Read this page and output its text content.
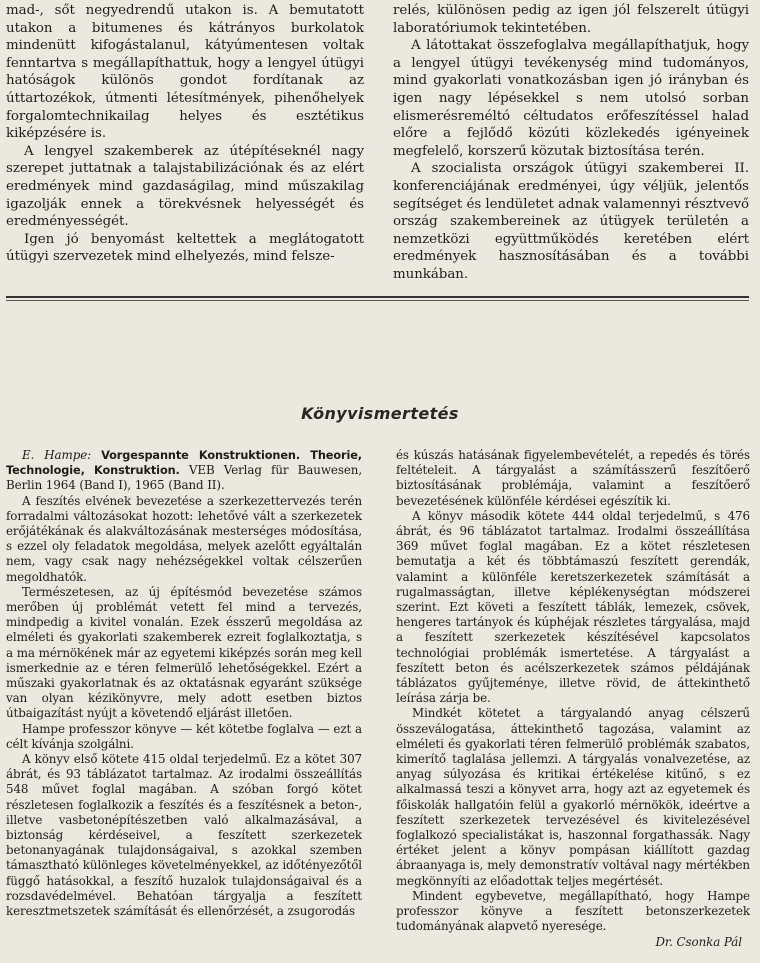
mad-, sőt negyedrendű utakon is. A bemutatott utakon a bitumenes és kátrányos burkolatok mindenütt kifogástalanul, kátyúmentesen voltak fenntartva s megállapíthattuk, hogy a lengyel útügyi hatóságok különös gondot fordítanak az úttartozékok, útmenti létesítmények, pihenőhelyek forgalomtechnikailag helyes és esztétikus kiképzésére is.

A lengyel szakemberek az útépítéseknél nagy szerepet juttatnak a talajstabilizációnak és az elért eredmények mind gazdaságilag, mind műszakilag igazolják ennek a törekvésnek helyességét és eredményességét.

Igen jó benyomást keltettek a meglátogatott útügyi szervezetek mind elhelyezés, mind felsze-

relés, különösen pedig az igen jól felszerelt útügyi laboratóriumok tekintetében.

A látottakat összefoglalva megállapíthatjuk, hogy a lengyel útügyi tevékenység mind tudományos, mind gyakorlati vonatkozásban igen jó irányban és igen nagy lépésekkel s nem utolsó sorban elismerésreméltó céltudatos erőfeszítéssel halad előre a fejlődő közúti közlekedés igényeinek megfelelő, korszerű közutak biztosítása terén.

A szocialista országok útügyi szakemberei II. konferenciájának eredményei, úgy véljük, jelentős segítséget és lendületet adnak valamennyi résztvevő ország szakembereinek az útügyek területén a nemzetközi együttműködés keretében elért eredmények hasznosításában és a további munkában.

Könyvismertetés

E. Hampe: Vorgespannte Konstruktionen. Theorie, Technologie, Konstruktion. VEB Verlag für Bauwesen, Berlin 1964 (Band I), 1965 (Band II).

A feszítés elvének bevezetése a szerkezettervezés terén forradalmi változásokat hozott: lehetővé vált a szerkezetek erőjátékának és alakváltozásának mesterséges módosítása, s ezzel oly feladatok megoldása, melyek azelőtt egyáltalán nem, vagy csak nagy nehézségekkel voltak célszerűen megoldhatók.

Természetesen, az új építésmód bevezetése számos merőben új problémát vetett fel mind a tervezés, mindpedig a kivitel vonalán. Ezek ésszerű megoldása az elméleti és gyakorlati szakemberek ezreit foglalkoztatja, s a ma mérnökének már az egyetemi kiképzés során meg kell ismerkednie az e téren felmerülő lehetőségekkel. Ezért a műszaki gyakorlatnak és az oktatásnak egyaránt szüksége van olyan kézikönyvre, mely adott esetben biztos útbaigazítást nyújt a követendő eljárást illetően.

Hampe professzor könyve — két kötetbe foglalva — ezt a célt kívánja szolgálni.

A könyv első kötete 415 oldal terjedelmű. Ez a kötet 307 ábrát, és 93 táblázatot tartalmaz. Az irodalmi összeállítás 548 művet foglal magában. A szóban forgó kötet részletesen foglalkozik a feszítés és a feszítésnek a beton-, illetve vasbetonépítészetben való alkalmazásával, a biztonság kérdéseivel, a feszített szerkezetek betonanyagának tulajdonságaival, s azokkal szemben támasztható különleges követelményekkel, az időtényezőtől függő hatásokkal, a feszítő huzalok tulajdonságaival és a rozsdavédelmével. Behatóan tárgyalja a feszített keresztmetszetek számítását és ellenőrzését, a zsugorodás

és kúszás hatásának figyelembevételét, a repedés és törés feltételeit. A tárgyalást a számításszerű feszítőerő biztosításának problémája, valamint a feszítőerő bevezetésének különféle kérdései egészítik ki.

A könyv második kötete 444 oldal terjedelmű, s 476 ábrát, és 96 táblázatot tartalmaz. Irodalmi összeállítása 369 művet foglal magában. Ez a kötet részletesen bemutatja a két és többtámaszú feszített gerendák, valamint a különféle keretszerkezetek számítását a rugalmasságtan, illetve képlékenységtan módszerei szerint. Ezt követi a feszített táblák, lemezek, csövek, hengeres tartányok és kúphéjak részletes tárgyalása, majd a feszített szerkezetek készítésével kapcsolatos technológiai problémák ismertetése. A tárgyalást a feszített beton és acélszerkezetek számos példájának táblázatos gyűjteménye, illetve rövid, de áttekinthető leírása zárja be.

Mindkét kötetet a tárgyalandó anyag célszerű összeválogatása, áttekinthető tagozása, valamint az elméleti és gyakorlati téren felmerülő problémák szabatos, kimerítő taglalása jellemzi. A tárgyalás vonalvezetése, az anyag súlyozása és kritikai értékelése kitűnő, s ez alkalmassá teszi a könyvet arra, hogy azt az egyetemek és főiskolák hallgatóin felül a gyakorló mérnökök, ideértve a feszített szerkezetek tervezésével és kivitelezésével foglalkozó specialistákat is, haszonnal forgathassák. Nagy értéket jelent a könyv pompásan kiállított gazdag ábraanyaga is, mely demonstratív voltával nagy mértékben megkönnyíti az előadottak teljes megértését.

Mindent egybevetve, megállapítható, hogy Hampe professzor könyve a feszített betonszerkezetek tudományának alapvető nyeresége.

Dr. Csonka Pál
